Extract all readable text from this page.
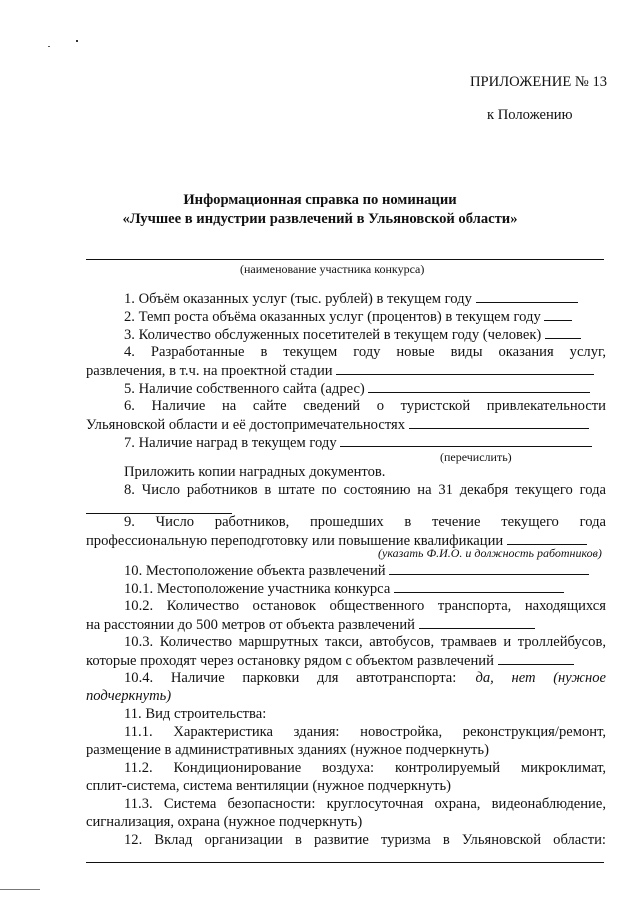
ПРИЛОЖЕНИЕ № 13
к Положению
Информационная справка по номинации
«Лучшее в индустрии развлечений в Ульяновской области»
(наименование участника конкурса)
1. Объём оказанных услуг (тыс. рублей) в текущем году
2. Темп роста объёма оказанных услуг (процентов) в текущем году
3. Количество обслуженных посетителей в текущем году (человек)
4. Разработанные в текущем году новые виды оказания услуг,
развлечения, в т.ч. на проектной стадии
5. Наличие собственного сайта (адрес)
6. Наличие на сайте сведений о туристской привлекательности
Ульяновской области и её достопримечательностях
7. Наличие наград в текущем году
(перечислить)
Приложить копии наградных документов.
8. Число работников в штате по состоянию на 31 декабря текущего года
9. Число работников, прошедших в течение текущего года
профессиональную переподготовку или повышение квалификации
(указать Ф.И.О. и должность работников)
10. Местоположение объекта развлечений
10.1. Местоположение участника конкурса
10.2. Количество остановок общественного транспорта, находящихся
на расстоянии до 500 метров от объекта развлечений
10.3. Количество маршрутных такси, автобусов, трамваев и троллейбусов,
которые проходят через остановку рядом с объектом развлечений
10.4. Наличие парковки для автотранспорта: да, нет (нужное
подчеркнуть)
11. Вид строительства:
11.1. Характеристика здания: новостройка, реконструкция/ремонт,
размещение в административных зданиях (нужное подчеркнуть)
11.2. Кондиционирование воздуха: контролируемый микроклимат,
сплит-система, система вентиляции (нужное подчеркнуть)
11.3. Система безопасности: круглосуточная охрана, видеонаблюдение,
сигнализация, охрана (нужное подчеркнуть)
12. Вклад организации в развитие туризма в Ульяновской области:
